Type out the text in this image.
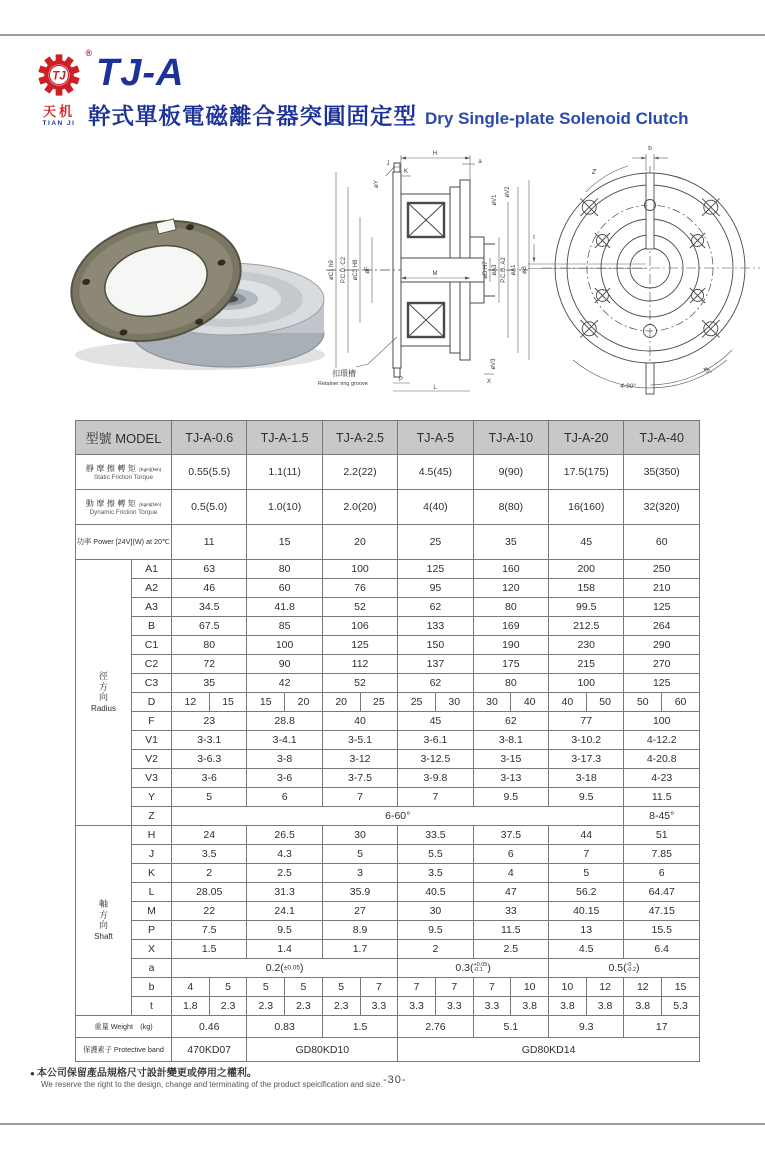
®
TJ
天机
TIAN JI
TJ-A
幹式單板電磁離合器突圓固定型 Dry Single-plate Solenoid Clutch
H
J
K
øY
a
øV1
øV2
øC1 h9 P.C.D. C2 øC3 H8 øF
M	øD H7 øA3 P.C.D. A2 øA1 øB
øV3
X
P
L
扣環槽
Retainer ring groove
b
Z
t
45°
4-90°
型號 MODEL		TJ-A-0.6		TJ-A-1.5		TJ-A-2.5		TJ-A-5		TJ-A-10		TJ-A-20		TJ-A-40	

靜摩擦轉矩[Kgm](Nm)
Static Friction Torque		0.55(5.5)		1.1(11)		2.2(22)		4.5(45)		9(90)		17.5(175)		35(350)	

動摩擦轉矩[Kgm](Nm)
Dynamic Friction Torque		0.5(5.0)		1.0(10)		2.0(20)		4(40)		8(80)		16(160)		32(320)	
功率 Power [24V](W) at 20℃		11		15		20		25		35		45		60	
徑
方
向
Radius	A1	63		80		100		125		160		200		250	
	A2	46		60		76		95		120		158		210	
	A3	34.5		41.8		52		62		80		99.5		125	
	B	67.5		85		106		133		169		212.5		264	
	C1	80		100		125		150		190		230		290	
	C2	72		90		112		137		175		215		270	
	C3	35		42		52		62		80		100		125	
	D	12	15	15	20	20	25	25	30	30	40	40	50	50	60
	F	23		28.8		40		45		62		77		100	
	V1	3-3.1		3-4.1		3-5.1		3-6.1		3-8.1		3-10.2		4-12.2	
	V2	3-6.3		3-8		3-12		3-12.5		3-15		3-17.3		4-20.8	
	V3	3-6		3-6		3-7.5		3-9.8		3-13		3-18		4-23	
	Y	5		6		7		7		9.5		9.5		11.5	
	Z	6-60°												8-45°	
軸
方
向
Shaft	H	24		26.5		30		33.5		37.5		44		51	
	J	3.5		4.3		5		5.5		6		7		7.85	
	K	2		2.5		3		3.5		4		5		6	
	L	28.05		31.3		35.9		40.5		47		56.2		64.47	
	M	22		24.1		27		30		33		40.15		47.15	
	P	7.5		9.5		8.9		9.5		11.5		13		15.5	
	X	1.5		1.4		1.7		2		2.5		4.5		6.4	
	a	0.2(±0.05)						0.3( +0.05
-0.1 )				0.5( -0
-0.2 )			
	b	4	5	5	5	5	7	7	7	7	10	10	12	12	15
	t	1.8	2.3	2.3	2.3	2.3	3.3	3.3	3.3	3.3	3.8	3.8	3.8	3.8	5.3
重量 Weight　(kg)		0.46		0.83		1.5		2.76		5.1		9.3		17	
保護素子 Protective band		470KD07		GD80KD10				GD80KD14							
● 本公司保留產品規格尺寸設計變更或停用之權利。
We reserve the right to the design, change and terminating of the product speicification and size. -30-
